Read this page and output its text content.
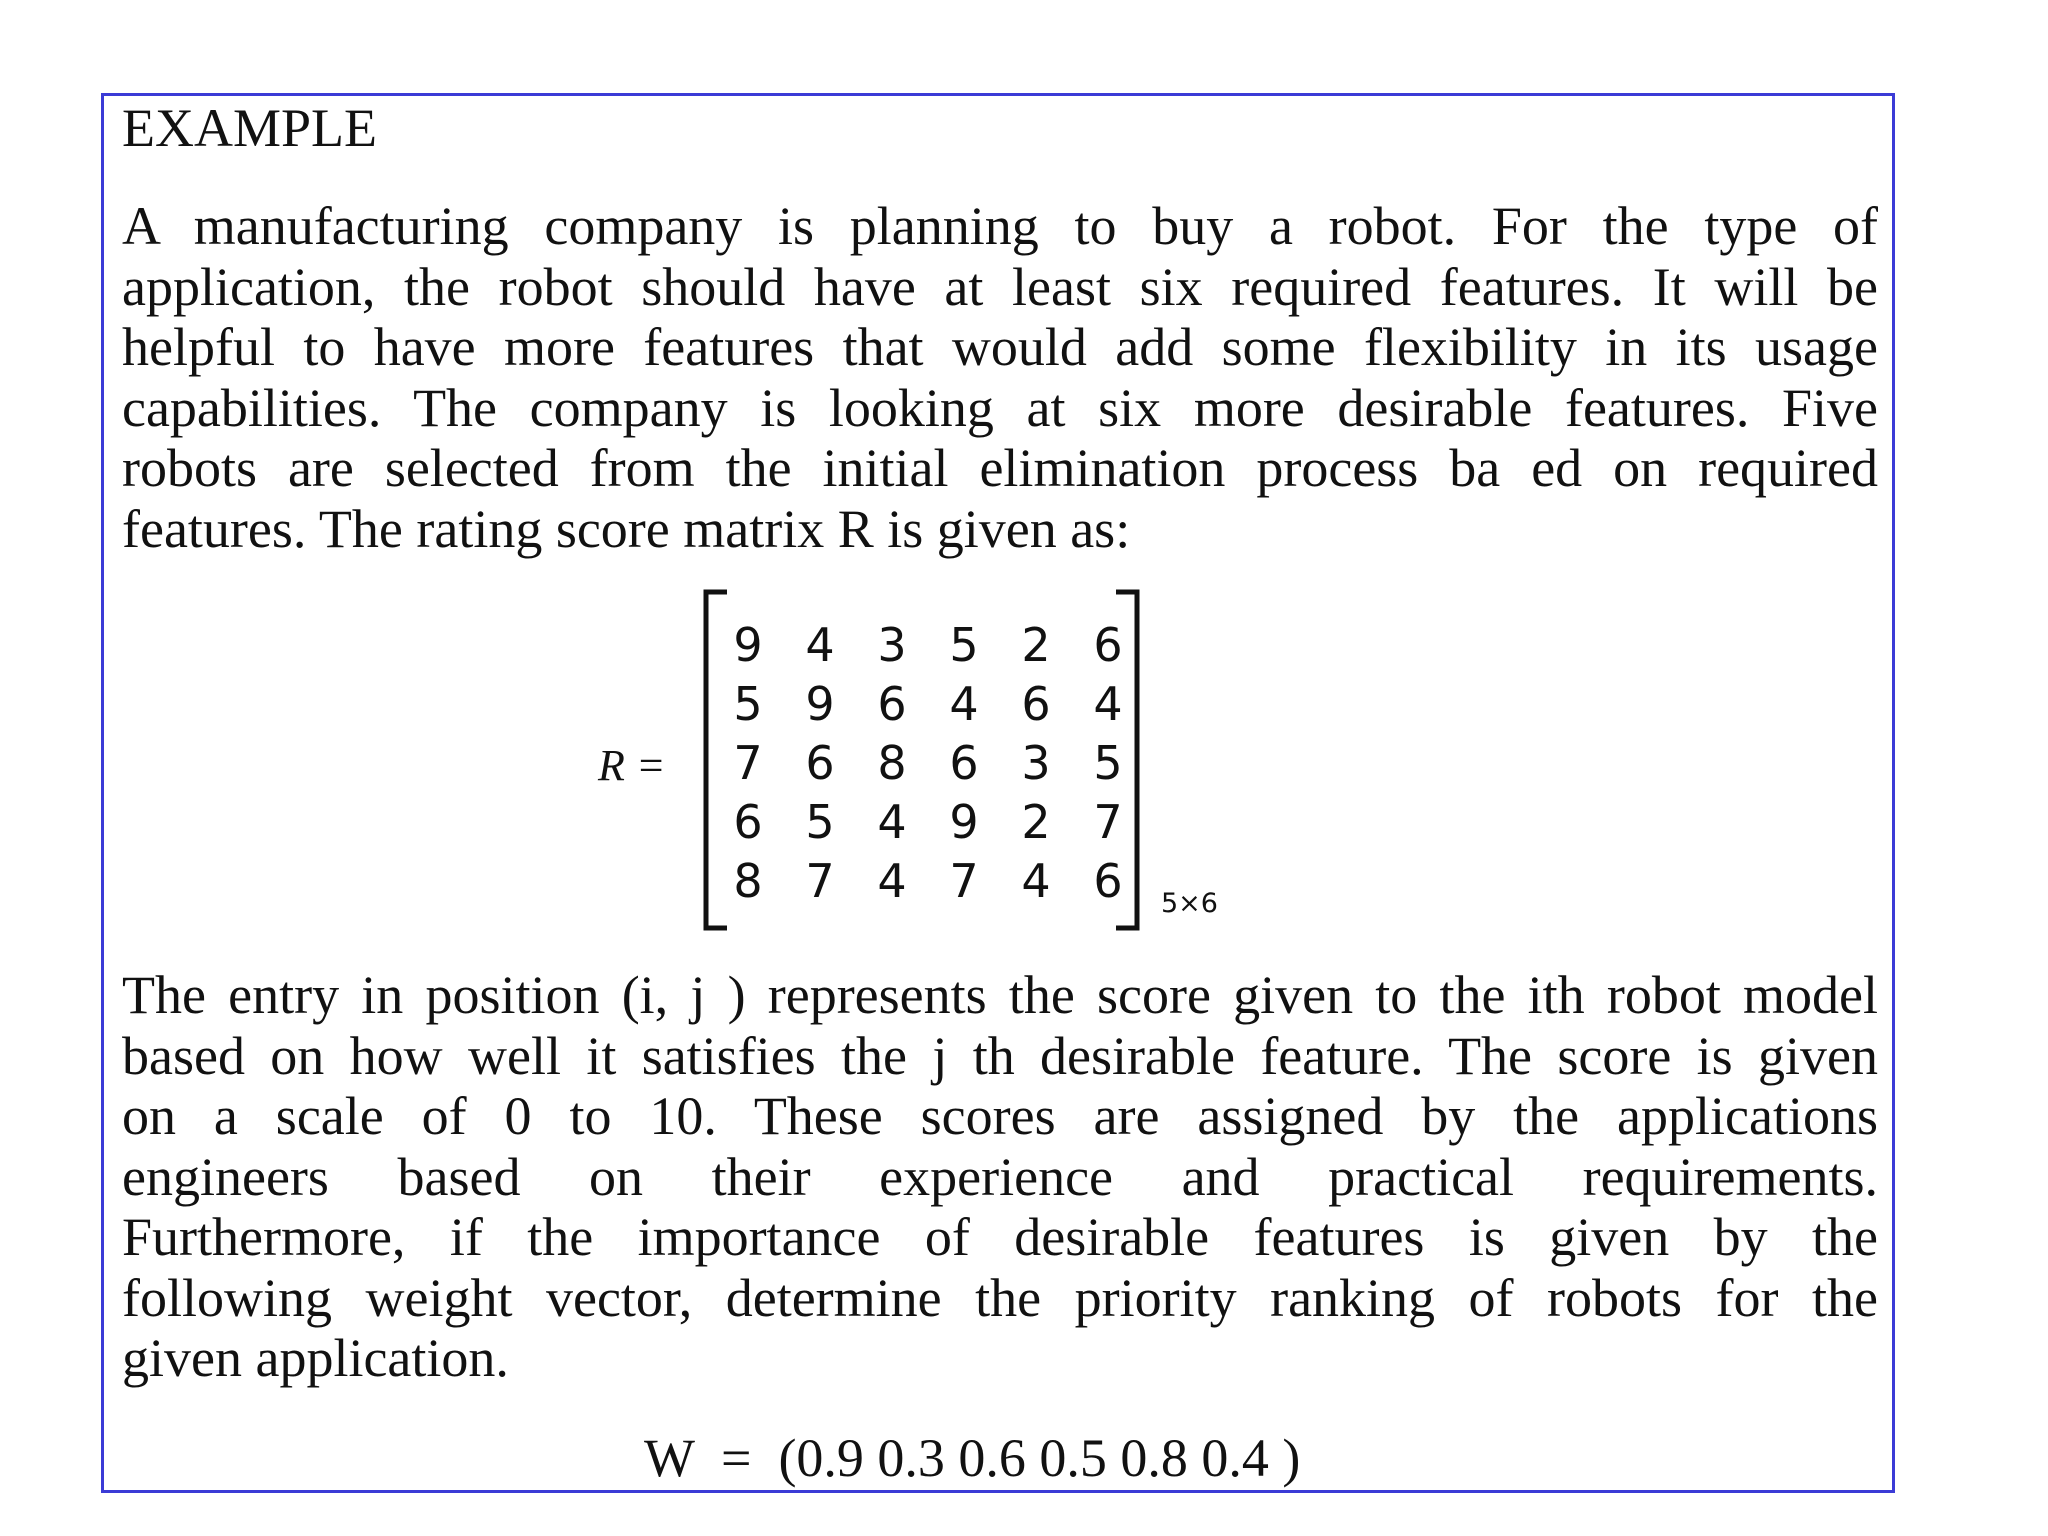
EXAMPLE

A manufacturing company is planning to buy a robot. For the type of
application, the robot should have at least six required features. It will be
helpful to have more features that would add some flexibility in its usage
capabilities. The company is looking at six more desirable features. Five
robots are selected from the initial elimination process ba ed on required
features. The rating score matrix R is given as:

R =
9 4 3 5 2 6
5 9 6 4 6 4
7 6 8 6 3 5
6 5 4 9 2 7
8 7 4 7 4 6 5×6

The entry in position (i, j ) represents the score given to the ith robot model
based on how well it satisfies the j th desirable feature. The score is given
on a scale of 0 to 10. These scores are assigned by the applications
engineers based on their experience and practical requirements.
Furthermore, if the importance of desirable features is given by the
following weight vector, determine the priority ranking of robots for the
given application.

W  =  (0.9 0.3 0.6 0.5 0.8 0.4 )
